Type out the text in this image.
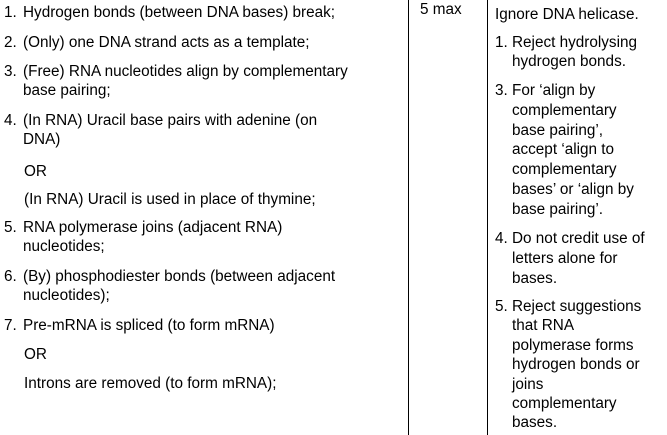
1. Hydrogen bonds (between DNA bases) break;
2. (Only) one DNA strand acts as a template;
3. (Free) RNA nucleotides align by complementary
base pairing;
4. (In RNA) Uracil base pairs with adenine (on
DNA)
OR
(In RNA) Uracil is used in place of thymine;
5. RNA polymerase joins (adjacent RNA)
nucleotides;
6. (By) phosphodiester bonds (between adjacent
nucleotides);
7. Pre-mRNA is spliced (to form mRNA)
OR
Introns are removed (to form mRNA);
5 max Ignore DNA helicase.
1. Reject hydrolysing
hydrogen bonds.
3. For ‘align by
complementary
base pairing’,
accept ‘align to
complementary
bases’ or ‘align by
base pairing’.
4. Do not credit use of
letters alone for
bases.
5. Reject suggestions
that RNA
polymerase forms
hydrogen bonds or
joins
complementary
bases.
